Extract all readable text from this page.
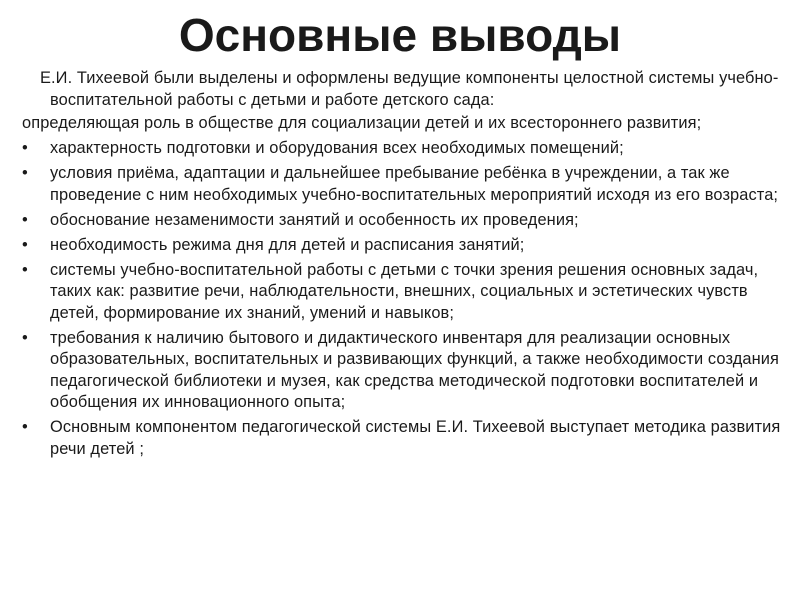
Основные выводы

Е.И. Тихеевой были выделены и оформлены ведущие компоненты целостной системы учебно-воспитательной работы с детьми и работе детского сада:

определяющая роль в обществе для социализации детей и их всестороннего развития;

• характерность подготовки и оборудования всех необходимых помещений;
• условия приёма, адаптации и дальнейшее пребывание ребёнка в учреждении, а так же проведение с ним необходимых учебно-воспитательных мероприятий исходя из его возраста;
• обоснование незаменимости занятий и особенность их проведения;
• необходимость режима дня для детей и расписания занятий;
• системы учебно-воспитательной работы с детьми с точки зрения решения основных задач, таких как: развитие речи, наблюдательности, внешних, социальных и эстетических чувств детей, формирование их знаний, умений и навыков;
• требования к наличию бытового и дидактического инвентаря для реализации основных образовательных, воспитательных и развивающих функций, а также необходимости создания педагогической библиотеки и музея, как средства методической подготовки воспитателей и обобщения их инновационного опыта;
• Основным компонентом педагогической системы Е.И. Тихеевой выступает методика развития речи детей ;
